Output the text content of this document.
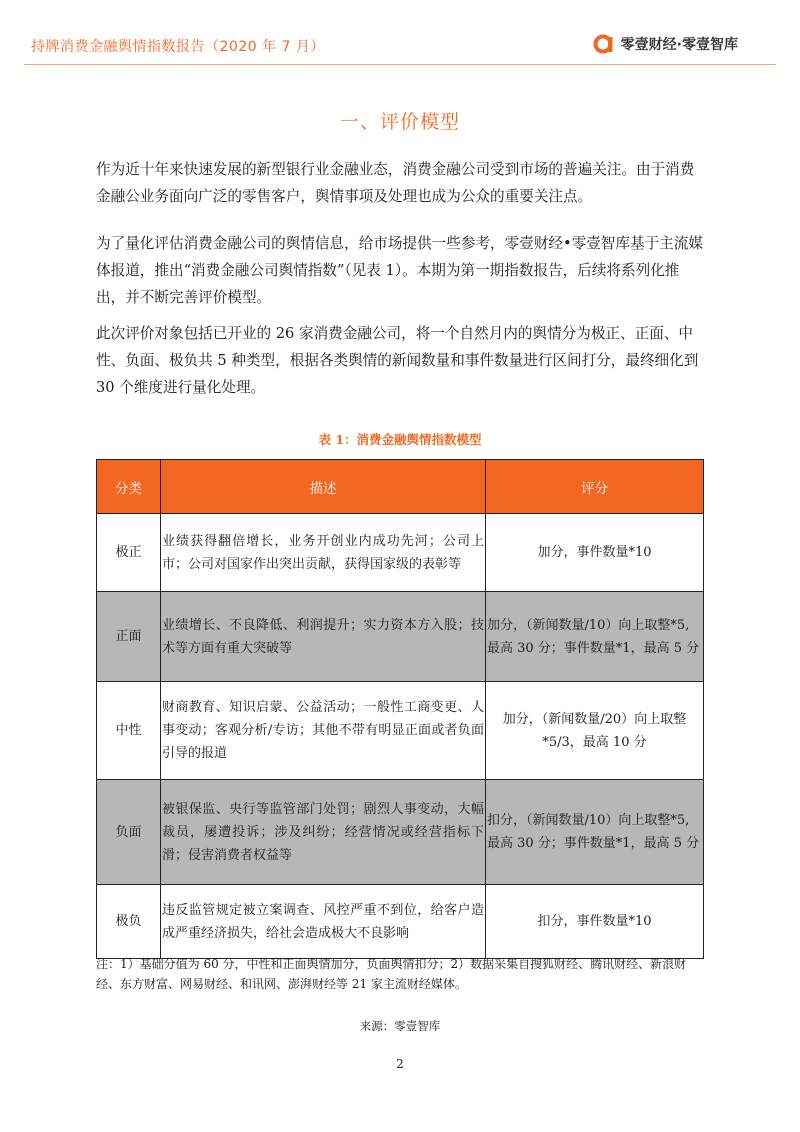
持牌消费金融舆情指数报告（2020 年 7 月）	零壹财经·零壹智库
一、评价模型

作为近十年来快速发展的新型银行业金融业态，消费金融公司受到市场的普遍关注。由于消费金融公业务面向广泛的零售客户，舆情事项及处理也成为公众的重要关注点。

为了量化评估消费金融公司的舆情信息，给市场提供一些参考，零壹财经•零壹智库基于主流媒体报道，推出“消费金融公司舆情指数”（见表 1）。本期为第一期指数报告，后续将系列化推出，并不断完善评价模型。

此次评价对象包括已开业的 26 家消费金融公司，将一个自然月内的舆情分为极正、正面、中性、负面、极负共 5 种类型，根据各类舆情的新闻数量和事件数量进行区间打分，最终细化到 30 个维度进行量化处理。

表 1：消费金融舆情指数模型
分类	描述	评分
极正	业绩获得翻倍增长，业务开创业内成功先河；公司上市；公司对国家作出突出贡献，获得国家级的表彰等	加分，事件数量*10
正面	业绩增长、不良降低、利润提升；实力资本方入股；技术等方面有重大突破等	加分，（新闻数量/10）向上取整*5,最高 30 分；事件数量*1，最高 5 分
中性	财商教育、知识启蒙、公益活动；一般性工商变更、人事变动；客观分析/专访；其他不带有明显正面或者负面引导的报道	加分，（新闻数量/20）向上取整*5/3，最高 10 分
负面	被银保监、央行等监管部门处罚；剧烈人事变动，大幅裁员，屡遭投诉；涉及纠纷；经营情况或经营指标下滑；侵害消费者权益等	扣分，（新闻数量/10）向上取整*5,最高 30 分；事件数量*1，最高 5 分
极负	违反监管规定被立案调查、风控严重不到位，给客户造成严重经济损失，给社会造成极大不良影响	扣分，事件数量*10
注：1）基础分值为 60 分，中性和正面舆情加分，负面舆情扣分；2）数据采集自搜狐财经、腾讯财经、新浪财经、东方财富、网易财经、和讯网、澎湃财经等 21 家主流财经媒体。
来源：零壹智库
2
